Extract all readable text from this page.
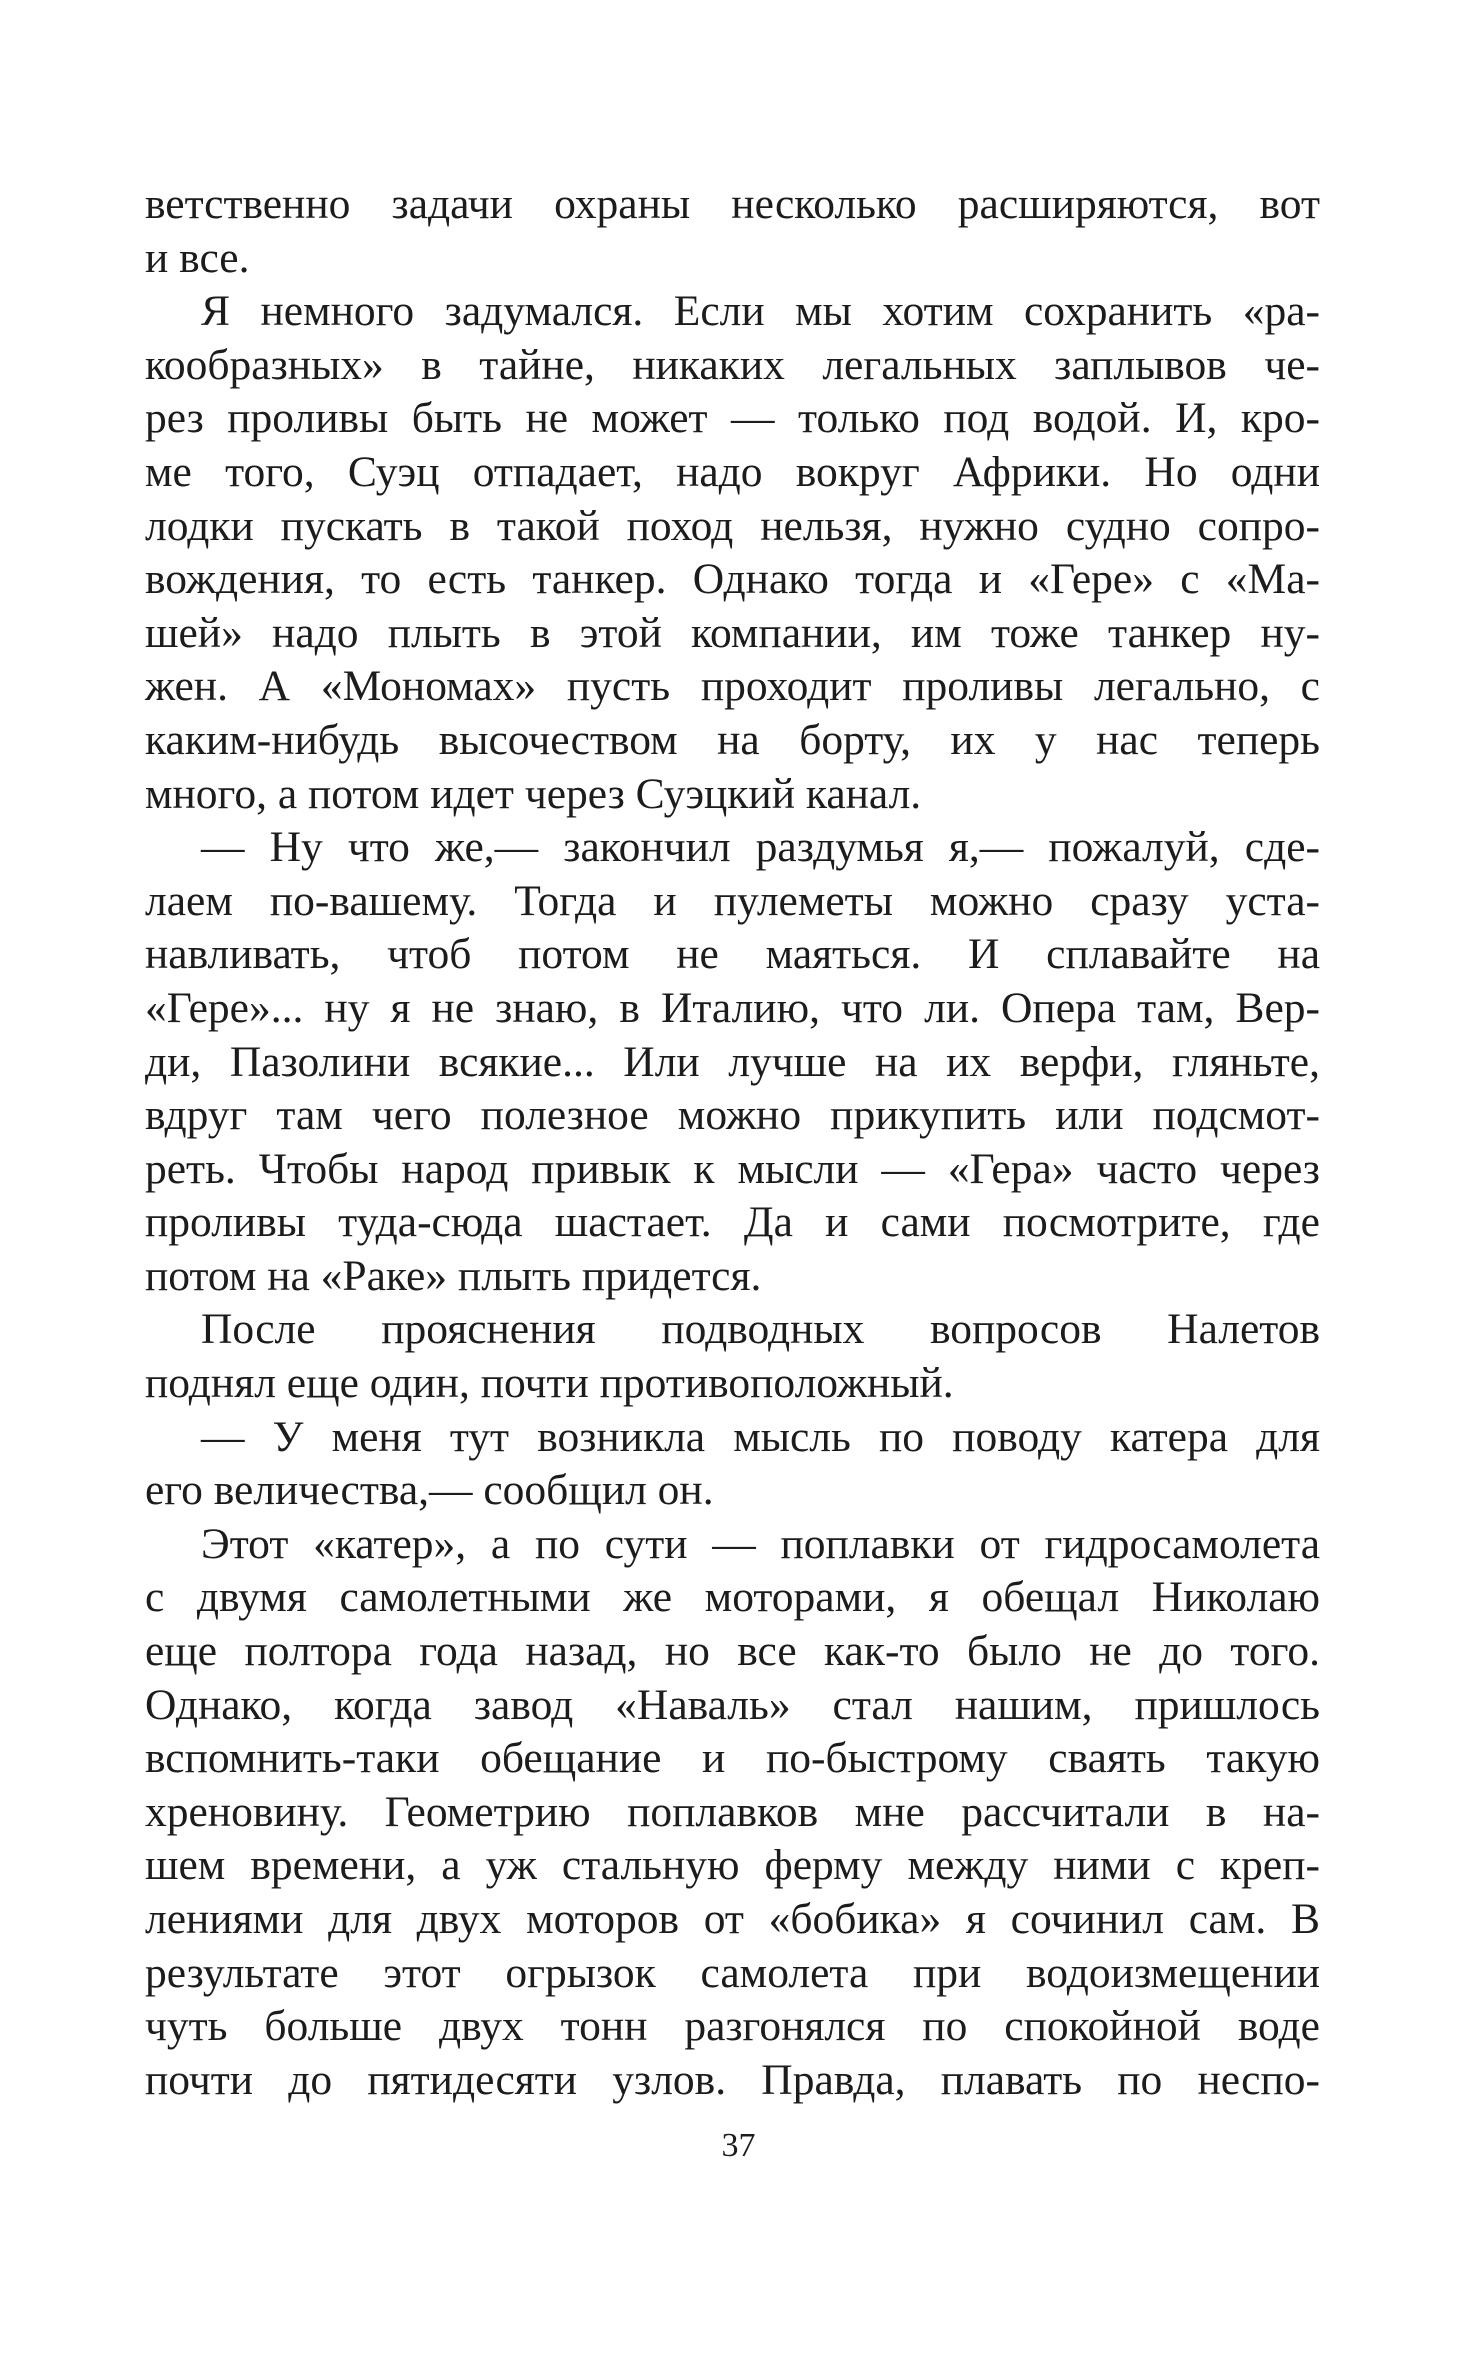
ветственно задачи охраны несколько расширяются, вот
и все.
Я немного задумался. Если мы хотим сохранить «ра-
кообразных» в тайне, никаких легальных заплывов че-
рез проливы быть не может — только под водой. И, кро-
ме того, Суэц отпадает, надо вокруг Африки. Но одни
лодки пускать в такой поход нельзя, нужно судно сопро-
вождения, то есть танкер. Однако тогда и «Гере» с «Ма-
шей» надо плыть в этой компании, им тоже танкер ну-
жен. А «Мономах» пусть проходит проливы легально, с
каким-нибудь высочеством на борту, их у нас теперь
много, а потом идет через Суэцкий канал.
— Ну что же,— закончил раздумья я,— пожалуй, сде-
лаем по-вашему. Тогда и пулеметы можно сразу уста-
навливать, чтоб потом не маяться. И сплавайте на
«Гере»... ну я не знаю, в Италию, что ли. Опера там, Вер-
ди, Пазолини всякие... Или лучше на их верфи, гляньте,
вдруг там чего полезное можно прикупить или подсмот-
реть. Чтобы народ привык к мысли — «Гера» часто через
проливы туда-сюда шастает. Да и сами посмотрите, где
потом на «Раке» плыть придется.
После прояснения подводных вопросов Налетов
поднял еще один, почти противоположный.
— У меня тут возникла мысль по поводу катера для
его величества,— сообщил он.
Этот «катер», а по сути — поплавки от гидросамолета
с двумя самолетными же моторами, я обещал Николаю
еще полтора года назад, но все как-то было не до того.
Однако, когда завод «Наваль» стал нашим, пришлось
вспомнить-таки обещание и по-быстрому сваять такую
хреновину. Геометрию поплавков мне рассчитали в на-
шем времени, а уж стальную ферму между ними с креп-
лениями для двух моторов от «бобика» я сочинил сам. В
результате этот огрызок самолета при водоизмещении
чуть больше двух тонн разгонялся по спокойной воде
почти до пятидесяти узлов. Правда, плавать по неспо-
37
